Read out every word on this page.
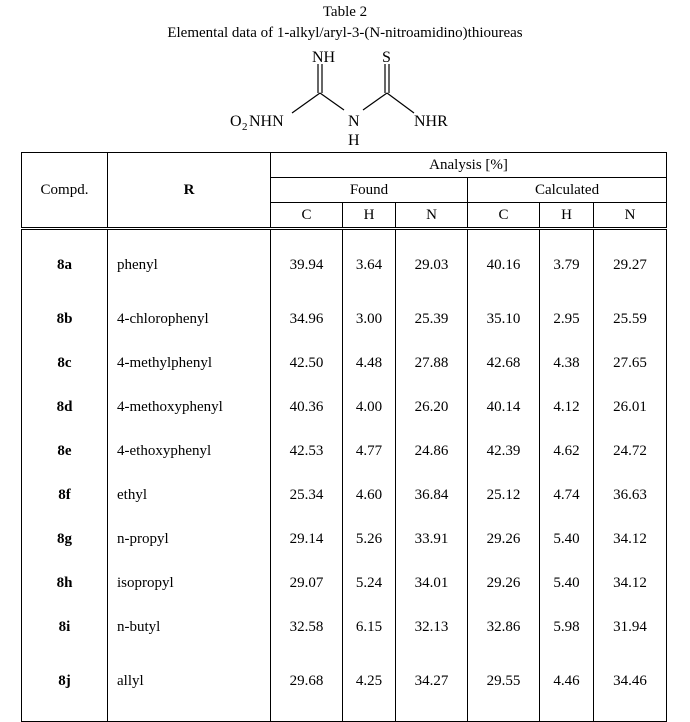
Table 2
Elemental data of 1-alkyl/aryl-3-(N-nitroamidino)thioureas
NH	S
O 2 NHN	N
H
NHR
Compd.	R	Analysis [%]					
		Found			Calculated		
		C	H	N	C	H	N
8a	phenyl	39.94	3.64	29.03	40.16	3.79	29.27
8b	4-chlorophenyl	34.96	3.00	25.39	35.10	2.95	25.59
8c	4-methylphenyl	42.50	4.48	27.88	42.68	4.38	27.65
8d	4-methoxyphenyl	40.36	4.00	26.20	40.14	4.12	26.01
8e	4-ethoxyphenyl	42.53	4.77	24.86	42.39	4.62	24.72
8f	ethyl	25.34	4.60	36.84	25.12	4.74	36.63
8g	n-propyl	29.14	5.26	33.91	29.26	5.40	34.12
8h	isopropyl	29.07	5.24	34.01	29.26	5.40	34.12
8i	n-butyl	32.58	6.15	32.13	32.86	5.98	31.94
8j	allyl	29.68	4.25	34.27	29.55	4.46	34.46
